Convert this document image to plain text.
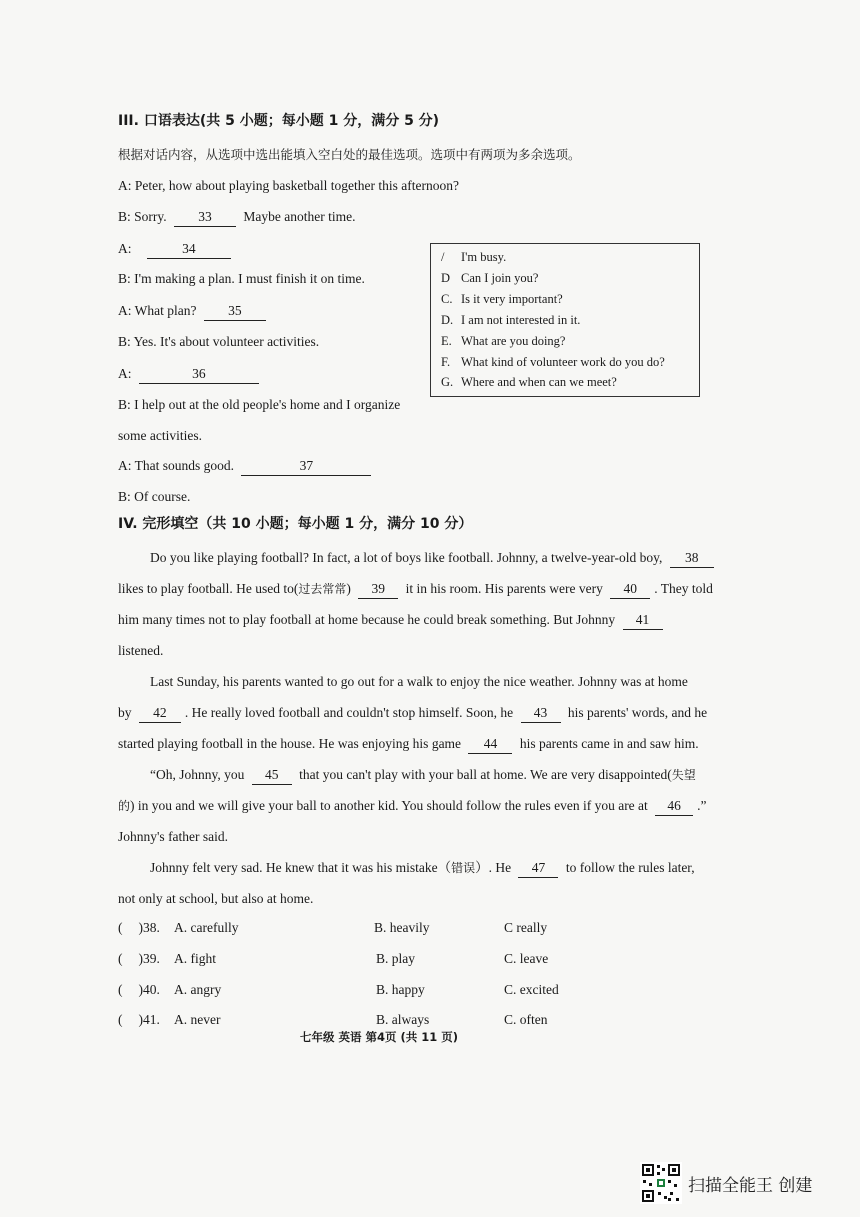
III. 口语表达(共 5 小题；每小题 1 分，满分 5 分)
根据对话内容，从选项中选出能填入空白处的最佳选项。选项中有两项为多余选项。
A: Peter, how about playing basketball together this afternoon?
B: Sorry. 33 Maybe another time.
A:	34
B: I'm making a plan. I must finish it on time.
A: What plan? 35
B: Yes. It's about volunteer activities.
A:	36
B: I help out at the old people's home and I organize
some activities.
A: That sounds good.	37
B: Of course.
/ I'm busy.
D Can I join you?
C. Is it very important?
D. I am not interested in it.
E. What are you doing?
F. What kind of volunteer work do you do?
G. Where and when can we meet?
IV. 完形填空（共 10 小题；每小题 1 分，满分 10 分）
Do you like playing football? In fact, a lot of boys like football. Johnny, a twelve-year-old boy, 38
likes to play football. He used to(过去常常) 39 it in his room. His parents were very 40 . They told
him many times not to play football at home because he could break something. But Johnny 41
listened.
Last Sunday, his parents wanted to go out for a walk to enjoy the nice weather. Johnny was at home
by 42 . He really loved football and couldn't stop himself. Soon, he 43 his parents' words, and he
started playing football in the house. He was enjoying his game 44 his parents came in and saw him.
“Oh, Johnny, you 45 that you can't play with your ball at home. We are very disappointed(失望
的) in you and we will give your ball to another kid. You should follow the rules even if you are at 46 .”
Johnny's father said.
Johnny felt very sad. He knew that it was his mistake（错误）. He 47 to follow the rules later,
not only at school, but also at home.
( )38. A. carefully	B. heavily	C really
( )39. A. fight	B. play	C. leave
( )40. A. angry	B. happy	C. excited
( )41. A. never	B. always	C. often
七年级 英语 第4页 (共 11 页)
扫描全能王 创建
